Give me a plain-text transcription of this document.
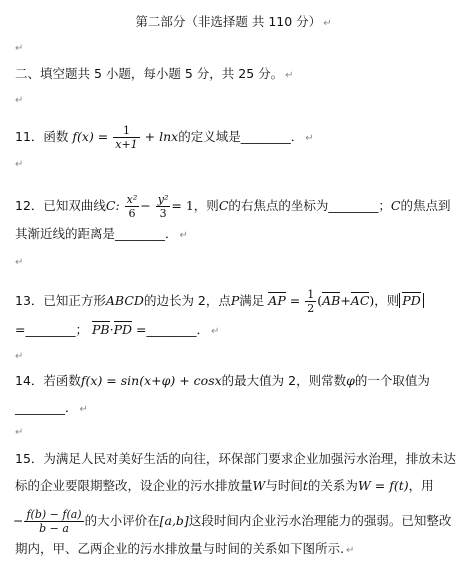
第二部分（非选择题 共 110 分） ↵
↵
二、填空题共 5 小题，每小题 5 分，共 25 分。 ↵
↵
11．函数 $f(x) = \frac{1}{x+1} + \ln x$的定义域是________． ↵
↵
12．已知双曲线C: $\frac{\text{x²}}{6} - \frac{\text{y²}}{3} = 1$，则C的右焦点的坐标为________；C的焦点到
其渐近线的距离是________． ↵
↵
13．已知正方形ABCD的边长为 2，点P满足 AP = $\frac{1}{2} (AB+AC)$，则 PD
=________； PB·PD =________． ↵
↵
14．若函数f(x) = sin(x+φ) + cosx的最大值为 2，则常数φ的一个取值为
________． ↵
↵
15．为满足人民对美好生活的向往，环保部门要求企业加强污水治理，排放未达
标的企业要限期整改，设企业的污水排放量W与时间t的关系为W = f(t)，用
− $\frac{f(b) - f(a)}{b - a}$ 的大小评价在[a,b]这段时间内企业污水治理能力的强弱。已知整改
期内，甲、乙两企业的污水排放量与时间的关系如下图所示. ↵
